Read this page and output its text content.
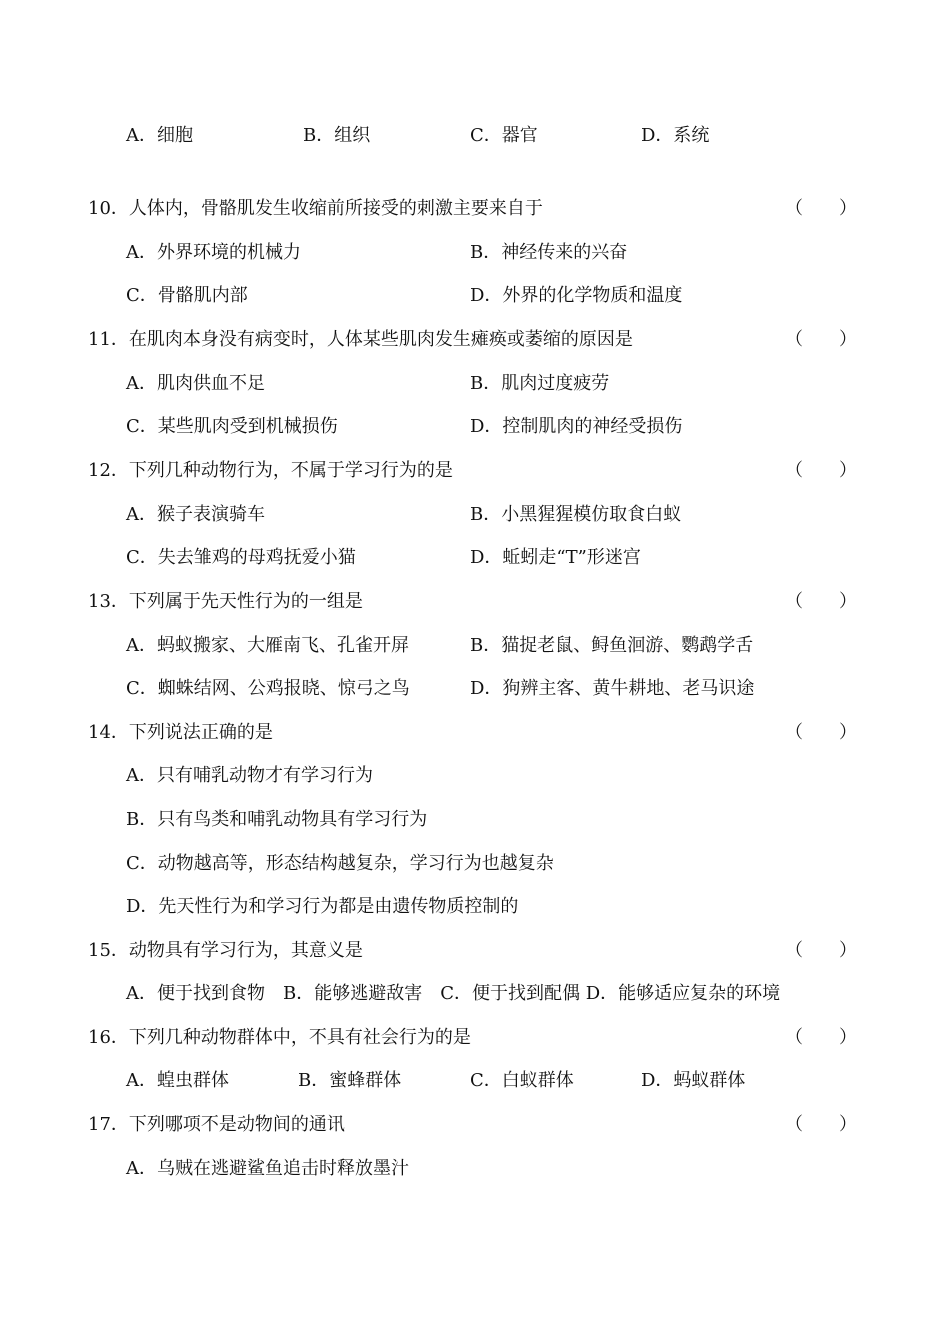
A．细胞	B．组织	C．器官	D．系统
10．人体内，骨骼肌发生收缩前所接受的刺激主要来自于	（　　）
A．外界环境的机械力	B．神经传来的兴奋
C．骨骼肌内部	D．外界的化学物质和温度
11．在肌肉本身没有病变时，人体某些肌肉发生瘫痪或萎缩的原因是	（　　）
A．肌肉供血不足	B．肌肉过度疲劳
C．某些肌肉受到机械损伤	D．控制肌肉的神经受损伤
12．下列几种动物行为，不属于学习行为的是	（　　）
A．猴子表演骑车	B．小黑猩猩模仿取食白蚁
C．失去雏鸡的母鸡抚爱小猫	D．蚯蚓走“T”形迷宫
13．下列属于先天性行为的一组是	（　　）
A．蚂蚁搬家、大雁南飞、孔雀开屏	B．猫捉老鼠、鲟鱼洄游、鹦鹉学舌
C．蜘蛛结网、公鸡报晓、惊弓之鸟	D．狗辨主客、黄牛耕地、老马识途
14．下列说法正确的是	（　　）
A．只有哺乳动物才有学习行为
B．只有鸟类和哺乳动物具有学习行为
C．动物越高等，形态结构越复杂，学习行为也越复杂
D．先天性行为和学习行为都是由遗传物质控制的
15．动物具有学习行为，其意义是	（　　）
A．便于找到食物　B．能够逃避敌害　C．便于找到配偶 D．能够适应复杂的环境
16．下列几种动物群体中，不具有社会行为的是	（　　）
A．蝗虫群体	B．蜜蜂群体	C．白蚁群体	D．蚂蚁群体
17．下列哪项不是动物间的通讯	（　　）
A．乌贼在逃避鲨鱼追击时释放墨汁
